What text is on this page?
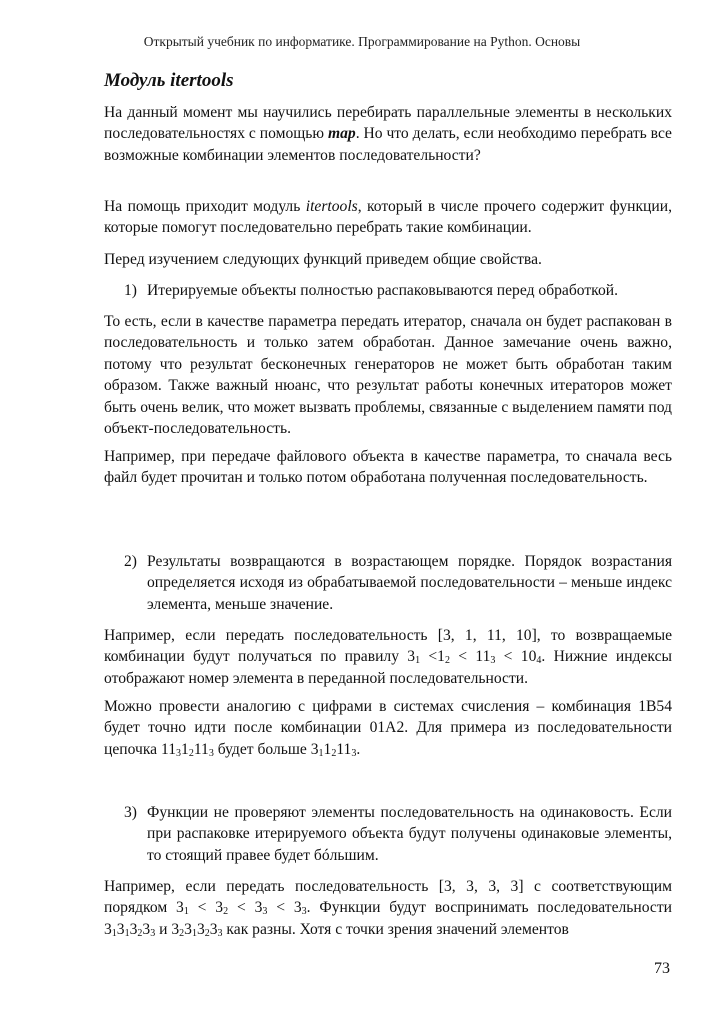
Открытый учебник по информатике. Программирование на Python. Основы
Модуль itertools
На данный момент мы научились перебирать параллельные элементы в нескольких последовательностях с помощью map. Но что делать, если необходимо перебрать все возможные комбинации элементов последовательности?
На помощь приходит модуль itertools, который в числе прочего содержит функции, которые помогут последовательно перебрать такие комбинации.
Перед изучением следующих функций приведем общие свойства.
1) Итерируемые объекты полностью распаковываются перед обработкой.
То есть, если в качестве параметра передать итератор, сначала он будет распакован в последовательность и только затем обработан. Данное замечание очень важно, потому что результат бесконечных генераторов не может быть обработан таким образом. Также важный нюанс, что результат работы конечных итераторов может быть очень велик, что может вызвать проблемы, связанные с выделением памяти под объект-последовательность.
Например, при передаче файлового объекта в качестве параметра, то сначала весь файл будет прочитан и только потом обработана полученная последовательность.
2) Результаты возвращаются в возрастающем порядке. Порядок возрастания определяется исходя из обрабатываемой последовательности – меньше индекс элемента, меньше значение.
Например, если передать последовательность [3, 1, 11, 10], то возвращаемые комбинации будут получаться по правилу $3_1 <1_2 < 11_3 < 10_4$. Нижние индексы отображают номер элемента в переданной последовательности.
Можно провести аналогию с цифрами в системах счисления – комбинация 1B54 будет точно идти после комбинации 01A2. Для примера из последовательности цепочка $11_31_211_3$ будет больше $3_11_211_3$.
3) Функции не проверяют элементы последовательность на одинаковость. Если при распаковке итерируемого объекта будут получены одинаковые элементы, то стоящий правее будет бóльшим.
Например, если передать последовательность [3, 3, 3, 3] с соответствующим порядком $3_1 < 3_2 < 3_3 < 3_3$. Функции будут воспринимать последовательности $3_13_13_23_3$ и $3_23_13_23_3$ как разны. Хотя с точки зрения значений элементов
73
